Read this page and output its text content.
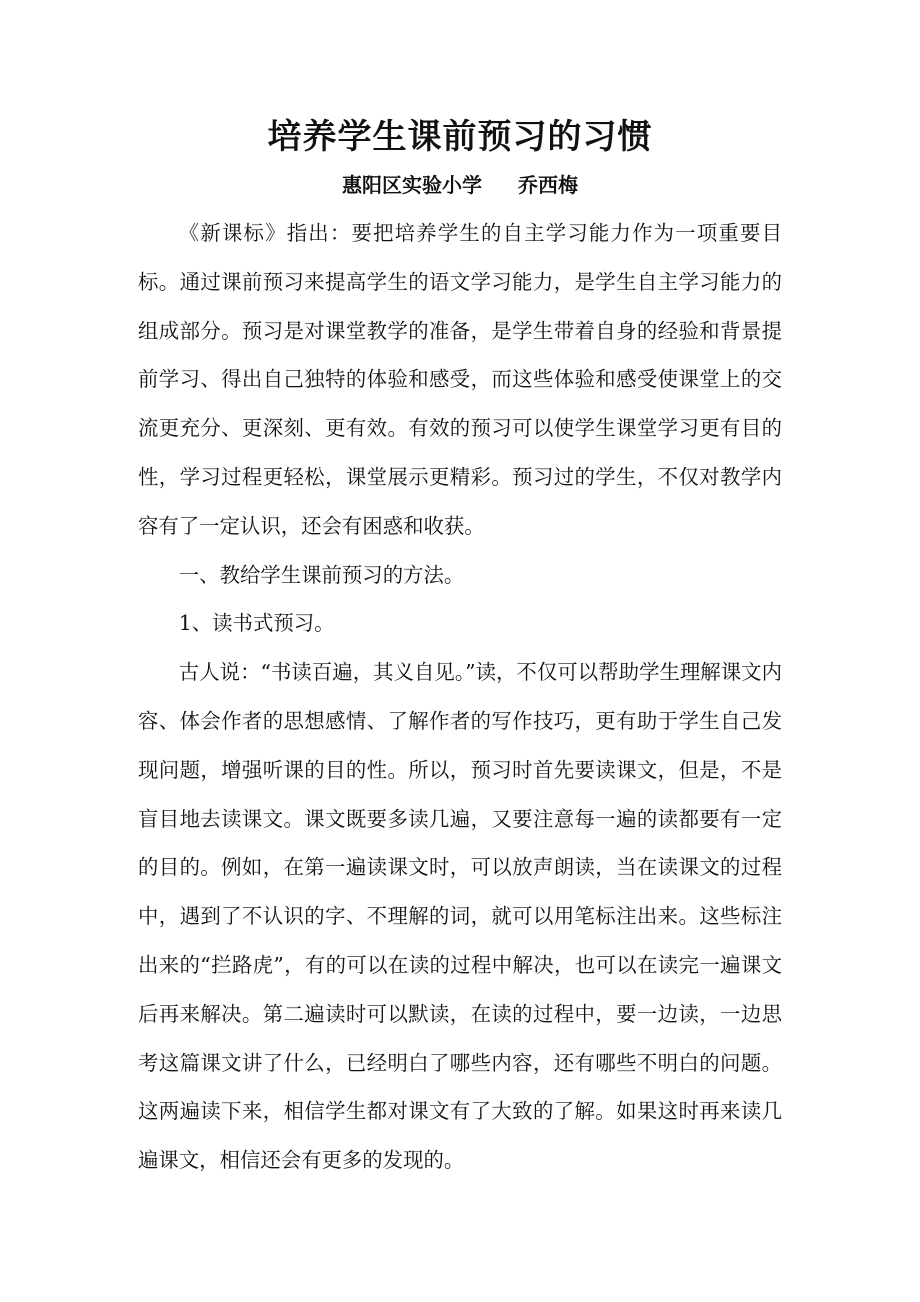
培养学生课前预习的习惯
惠阳区实验小学 乔西梅

《新课标》指出：要把培养学生的自主学习能力作为一项重要目标。通过课前预习来提高学生的语文学习能力，是学生自主学习能力的组成部分。预习是对课堂教学的准备，是学生带着自身的经验和背景提前学习、得出自己独特的体验和感受，而这些体验和感受使课堂上的交流更充分、更深刻、更有效。有效的预习可以使学生课堂学习更有目的性，学习过程更轻松，课堂展示更精彩。预习过的学生，不仅对教学内容有了一定认识，还会有困惑和收获。

一、教给学生课前预习的方法。

1、读书式预习。

古人说：“书读百遍，其义自见。”读，不仅可以帮助学生理解课文内容、体会作者的思想感情、了解作者的写作技巧，更有助于学生自己发现问题，增强听课的目的性。所以，预习时首先要读课文，但是，不是盲目地去读课文。课文既要多读几遍，又要注意每一遍的读都要有一定的目的。例如，在第一遍读课文时，可以放声朗读，当在读课文的过程中，遇到了不认识的字、不理解的词，就可以用笔标注出来。这些标注出来的“拦路虎”，有的可以在读的过程中解决，也可以在读完一遍课文后再来解决。第二遍读时可以默读，在读的过程中，要一边读，一边思考这篇课文讲了什么，已经明白了哪些内容，还有哪些不明白的问题。这两遍读下来，相信学生都对课文有了大致的了解。如果这时再来读几遍课文，相信还会有更多的发现的。
